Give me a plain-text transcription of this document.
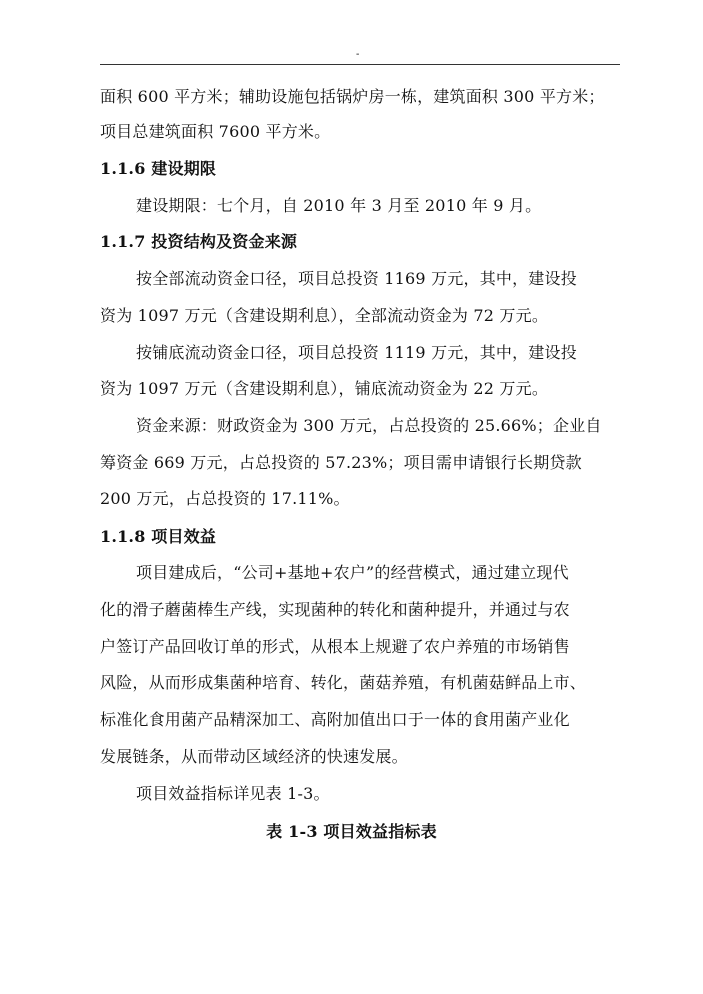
-
面积 600 平方米；辅助设施包括锅炉房一栋，建筑面积 300 平方米；
项目总建筑面积 7600 平方米。
1.1.6 建设期限
建设期限：七个月，自 2010 年 3 月至 2010 年 9 月。
1.1.7 投资结构及资金来源
按全部流动资金口径，项目总投资 1169 万元，其中，建设投
资为 1097 万元（含建设期利息），全部流动资金为 72 万元。
按铺底流动资金口径，项目总投资 1119 万元，其中，建设投
资为 1097 万元（含建设期利息），铺底流动资金为 22 万元。
资金来源：财政资金为 300 万元，占总投资的 25.66%；企业自
筹资金 669 万元，占总投资的 57.23%；项目需申请银行长期贷款
200 万元，占总投资的 17.11%。
1.1.8 项目效益
项目建成后，“公司+基地+农户”的经营模式，通过建立现代
化的滑子蘑菌棒生产线，实现菌种的转化和菌种提升，并通过与农
户签订产品回收订单的形式，从根本上规避了农户养殖的市场销售
风险，从而形成集菌种培育、转化，菌菇养殖，有机菌菇鲜品上市、
标准化食用菌产品精深加工、高附加值出口于一体的食用菌产业化
发展链条，从而带动区域经济的快速发展。
项目效益指标详见表 1-3。
表 1-3 项目效益指标表
